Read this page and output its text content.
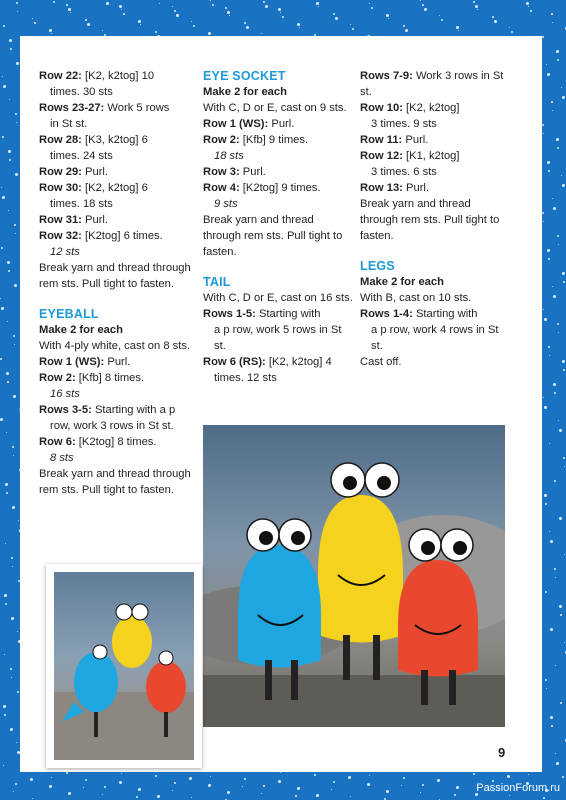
Row 22: [K2, k2tog] 10

times. 30 sts

Rows 23-27: Work 5 rows

in St st.

Row 28: [K3, k2tog] 6

times. 24 sts

Row 29: Purl.

Row 30: [K2, k2tog] 6

times. 18 sts

Row 31: Purl.

Row 32: [K2tog] 6 times.

12 sts

Break yarn and thread through rem sts. Pull tight to fasten.

EYEBALL

Make 2 for each

With 4-ply white, cast on 8 sts.

Row 1 (WS): Purl.

Row 2: [Kfb] 8 times.

16 sts

Rows 3-5: Starting with a p

row, work 3 rows in St st.

Row 6: [K2tog] 8 times.

8 sts

Break yarn and thread through rem sts. Pull tight to fasten.

EYE SOCKET

Make 2 for each

With C, D or E, cast on 9 sts.

Row 1 (WS): Purl.

Row 2: [Kfb] 9 times.

18 sts

Row 3: Purl.

Row 4: [K2tog] 9 times.

9 sts

Break yarn and thread through rem sts. Pull tight to fasten.

TAIL

With C, D or E, cast on 16 sts.

Rows 1-5: Starting with

a p row, work 5 rows in St st.

Row 6 (RS): [K2, k2tog] 4

times. 12 sts

Rows 7-9: Work 3 rows in St st.

Row 10: [K2, k2tog]

3 times. 9 sts

Row 11: Purl.

Row 12: [K1, k2tog]

3 times. 6 sts

Row 13: Purl.

Break yarn and thread through rem sts. Pull tight to fasten.

LEGS

Make 2 for each

With B, cast on 10 sts.

Rows 1-4: Starting with

a p row, work 4 rows in St st.

Cast off.

9
PassionForum.ru
